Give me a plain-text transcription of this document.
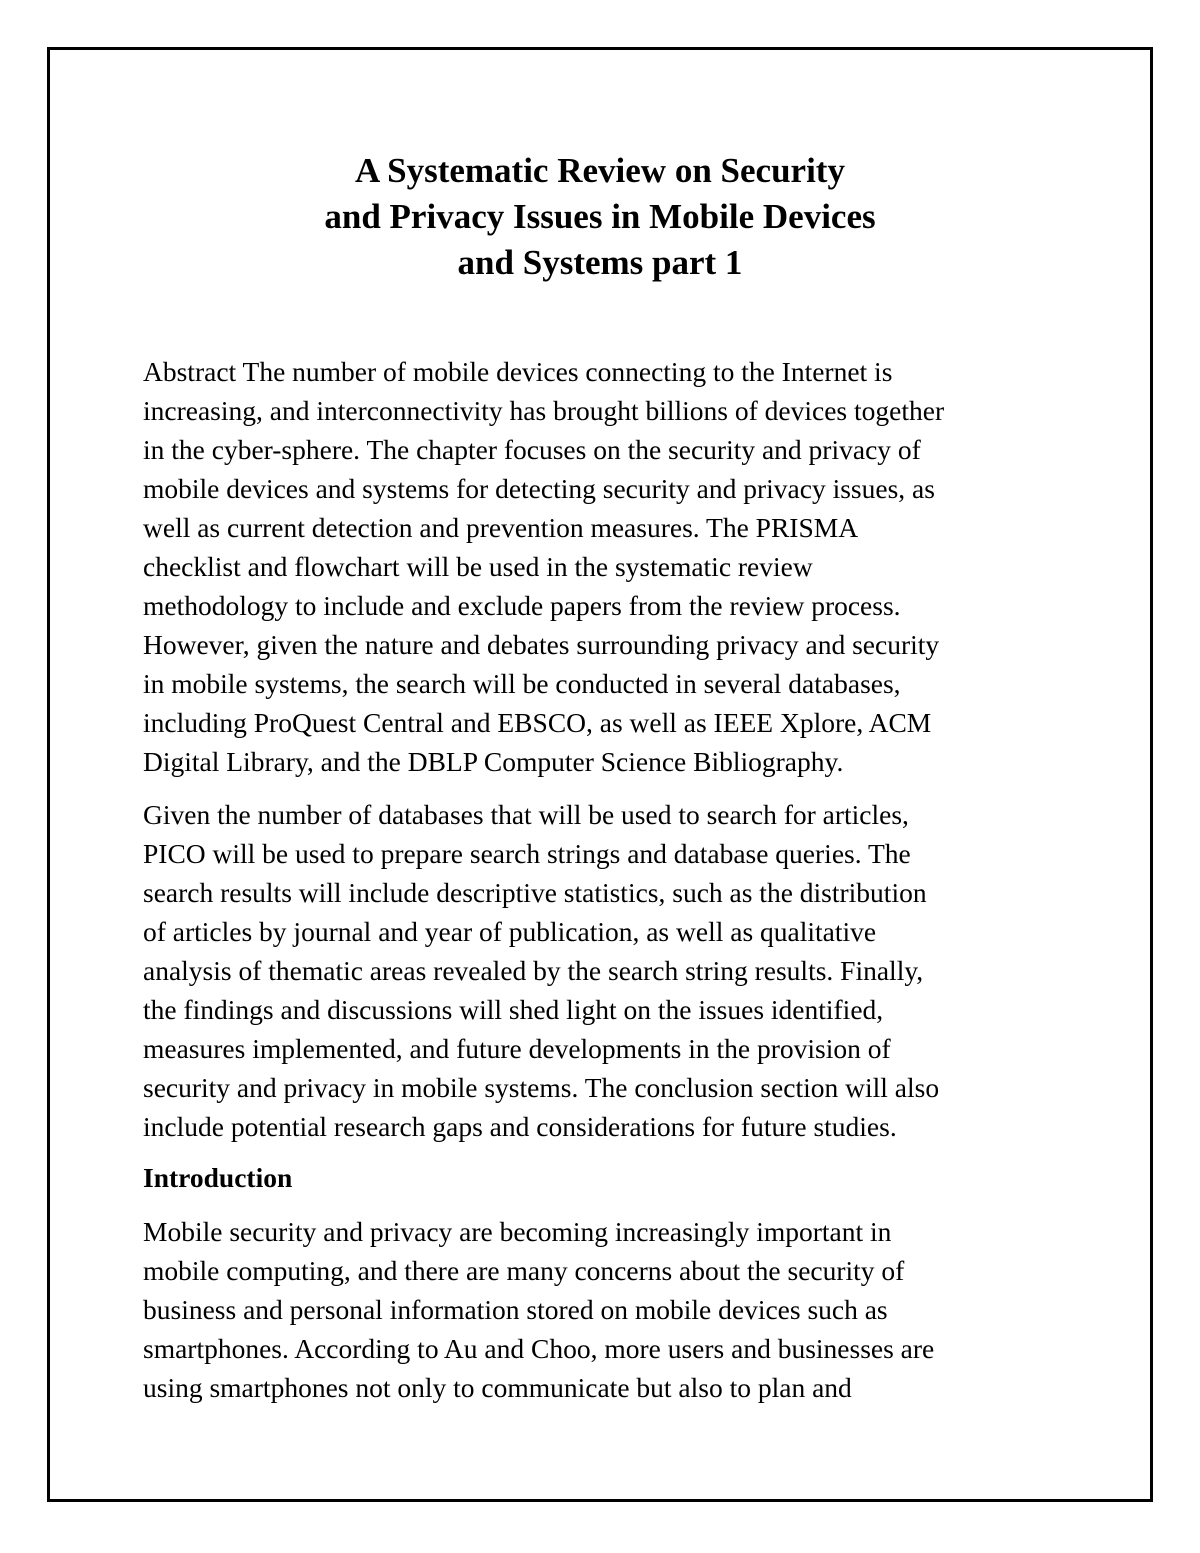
A Systematic Review on Security
and Privacy Issues in Mobile Devices
and Systems part 1

Abstract The number of mobile devices connecting to the Internet is
increasing, and interconnectivity has brought billions of devices together
in the cyber-sphere. The chapter focuses on the security and privacy of
mobile devices and systems for detecting security and privacy issues, as
well as current detection and prevention measures. The PRISMA
checklist and flowchart will be used in the systematic review
methodology to include and exclude papers from the review process.
However, given the nature and debates surrounding privacy and security
in mobile systems, the search will be conducted in several databases,
including ProQuest Central and EBSCO, as well as IEEE Xplore, ACM
Digital Library, and the DBLP Computer Science Bibliography.

Given the number of databases that will be used to search for articles,
PICO will be used to prepare search strings and database queries. The
search results will include descriptive statistics, such as the distribution
of articles by journal and year of publication, as well as qualitative
analysis of thematic areas revealed by the search string results. Finally,
the findings and discussions will shed light on the issues identified,
measures implemented, and future developments in the provision of
security and privacy in mobile systems. The conclusion section will also
include potential research gaps and considerations for future studies.

Introduction

Mobile security and privacy are becoming increasingly important in
mobile computing, and there are many concerns about the security of
business and personal information stored on mobile devices such as
smartphones. According to Au and Choo, more users and businesses are
using smartphones not only to communicate but also to plan and
